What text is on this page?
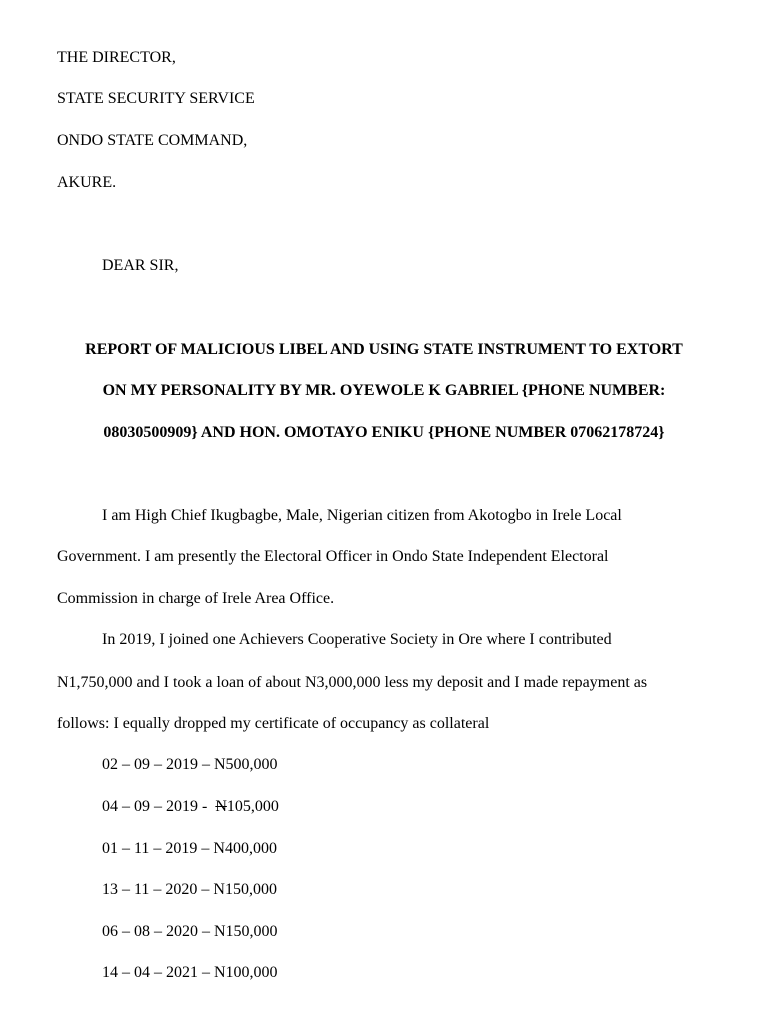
THE DIRECTOR,
STATE SECURITY SERVICE
ONDO STATE COMMAND,
AKURE.
DEAR SIR,
REPORT OF MALICIOUS LIBEL AND USING STATE INSTRUMENT TO EXTORT
ON MY PERSONALITY BY MR. OYEWOLE K GABRIEL {PHONE NUMBER:
08030500909} AND HON. OMOTAYO ENIKU {PHONE NUMBER 07062178724}
I am High Chief Ikugbagbe, Male, Nigerian citizen from Akotogbo in Irele Local
Government. I am presently the Electoral Officer in Ondo State Independent Electoral
Commission in charge of Irele Area Office.
In 2019, I joined one Achievers Cooperative Society in Ore where I contributed
N1,750,000 and I took a loan of about N3,000,000 less my deposit and I made repayment as
follows: I equally dropped my certificate of occupancy as collateral
02 – 09 – 2019 – N500,000
04 – 09 – 2019 -  N105,000
01 – 11 – 2019 – N400,000
13 – 11 – 2020 – N150,000
06 – 08 – 2020 – N150,000
14 – 04 – 2021 – N100,000
